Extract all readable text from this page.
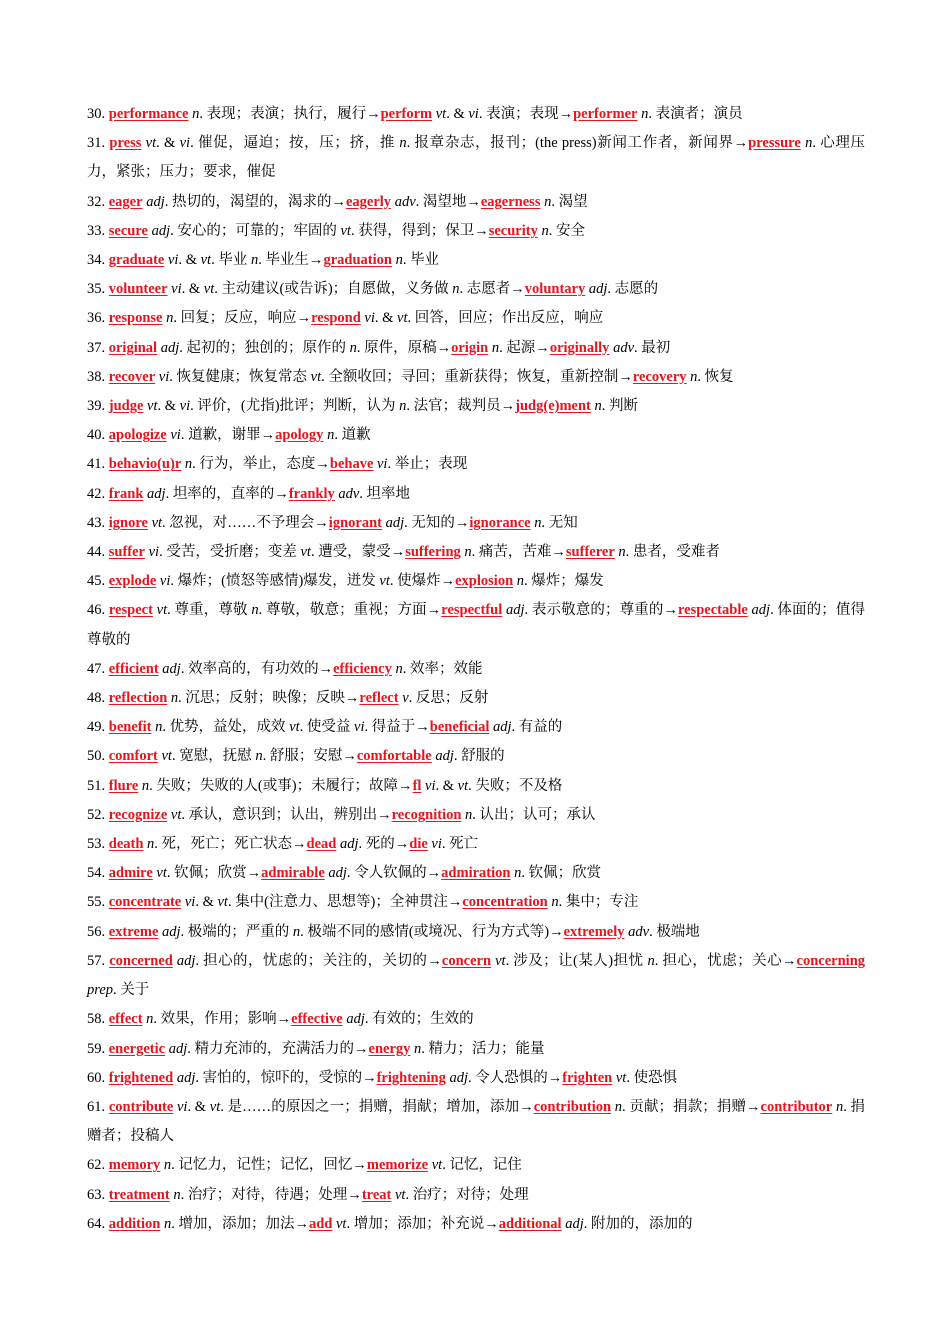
30. performance n. 表现；表演；执行，履行→perform vt. & vi. 表演；表现→performer n. 表演者；演员
31. press vt. & vi. 催促，逼迫；按，压；挤，推 n. 报章杂志，报刊；(the press)新闻工作者，新闻界→pressure n. 心理压力，紧张；压力；要求，催促
32. eager adj. 热切的，渴望的，渴求的→eagerly adv. 渴望地→eagerness n. 渴望
33. secure adj. 安心的；可靠的；牢固的 vt. 获得，得到；保卫→security n. 安全
34. graduate vi. & vt. 毕业 n. 毕业生→graduation n. 毕业
35. volunteer vi. & vt. 主动建议(或告诉)；自愿做，义务做 n. 志愿者→voluntary adj. 志愿的
36. response n. 回复；反应，响应→respond vi. & vt. 回答，回应；作出反应，响应
37. original adj. 起初的；独创的；原作的 n. 原件，原稿→origin n. 起源→originally adv. 最初
38. recover vi. 恢复健康；恢复常态 vt. 全额收回；寻回；重新获得；恢复，重新控制→recovery n. 恢复
39. judge vt. & vi. 评价，(尤指)批评；判断，认为 n. 法官；裁判员→judg(e)ment n. 判断
40. apologize vi. 道歉，谢罪→apology n. 道歉
41. behavio(u)r n. 行为，举止，态度→behave vi. 举止；表现
42. frank adj. 坦率的，直率的→frankly adv. 坦率地
43. ignore vt. 忽视，对……不予理会→ignorant adj. 无知的→ignorance n. 无知
44. suffer vi. 受苦，受折磨；变差 vt. 遭受，蒙受→suffering n. 痛苦，苦难→sufferer n. 患者，受难者
45. explode vi. 爆炸；(愤怒等感情)爆发，迸发 vt. 使爆炸→explosion n. 爆炸；爆发
46. respect vt. 尊重，尊敬 n. 尊敬，敬意；重视；方面→respectful adj. 表示敬意的；尊重的→respectable adj. 体面的；值得尊敬的
47. efficient adj. 效率高的，有功效的→efficiency n. 效率；效能
48. reflection n. 沉思；反射；映像；反映→reflect v. 反思；反射
49. benefit n. 优势，益处，成效 vt. 使受益 vi. 得益于→beneficial adj. 有益的
50. comfort vt. 宽慰，抚慰 n. 舒服；安慰→comfortable adj. 舒服的
51. flure n. 失败；失败的人(或事)；未履行；故障→fl vi. & vt. 失败；不及格
52. recognize vt. 承认，意识到；认出，辨别出→recognition n. 认出；认可；承认
53. death n. 死，死亡；死亡状态→dead adj. 死的→die vi. 死亡
54. admire vt. 钦佩；欣赏→admirable adj. 令人钦佩的→admiration n. 钦佩；欣赏
55. concentrate vi. & vt. 集中(注意力、思想等)；全神贯注→concentration n. 集中；专注
56. extreme adj. 极端的；严重的 n. 极端不同的感情(或境况、行为方式等)→extremely adv. 极端地
57. concerned adj. 担心的，忧虑的；关注的，关切的→concern vt. 涉及；让(某人)担忧 n. 担心，忧虑；关心→concerning prep. 关于
58. effect n. 效果，作用；影响→effective adj. 有效的；生效的
59. energetic adj. 精力充沛的，充满活力的→energy n. 精力；活力；能量
60. frightened adj. 害怕的，惊吓的，受惊的→frightening adj. 令人恐惧的→frighten vt. 使恐惧
61. contribute vi. & vt. 是……的原因之一；捐赠，捐献；增加，添加→contribution n. 贡献；捐款；捐赠→contributor n. 捐赠者；投稿人
62. memory n. 记忆力，记性；记忆，回忆→memorize vt. 记忆，记住
63. treatment n. 治疗；对待，待遇；处理→treat vt. 治疗；对待；处理
64. addition n. 增加，添加；加法→add vt. 增加；添加；补充说→additional adj. 附加的，添加的
